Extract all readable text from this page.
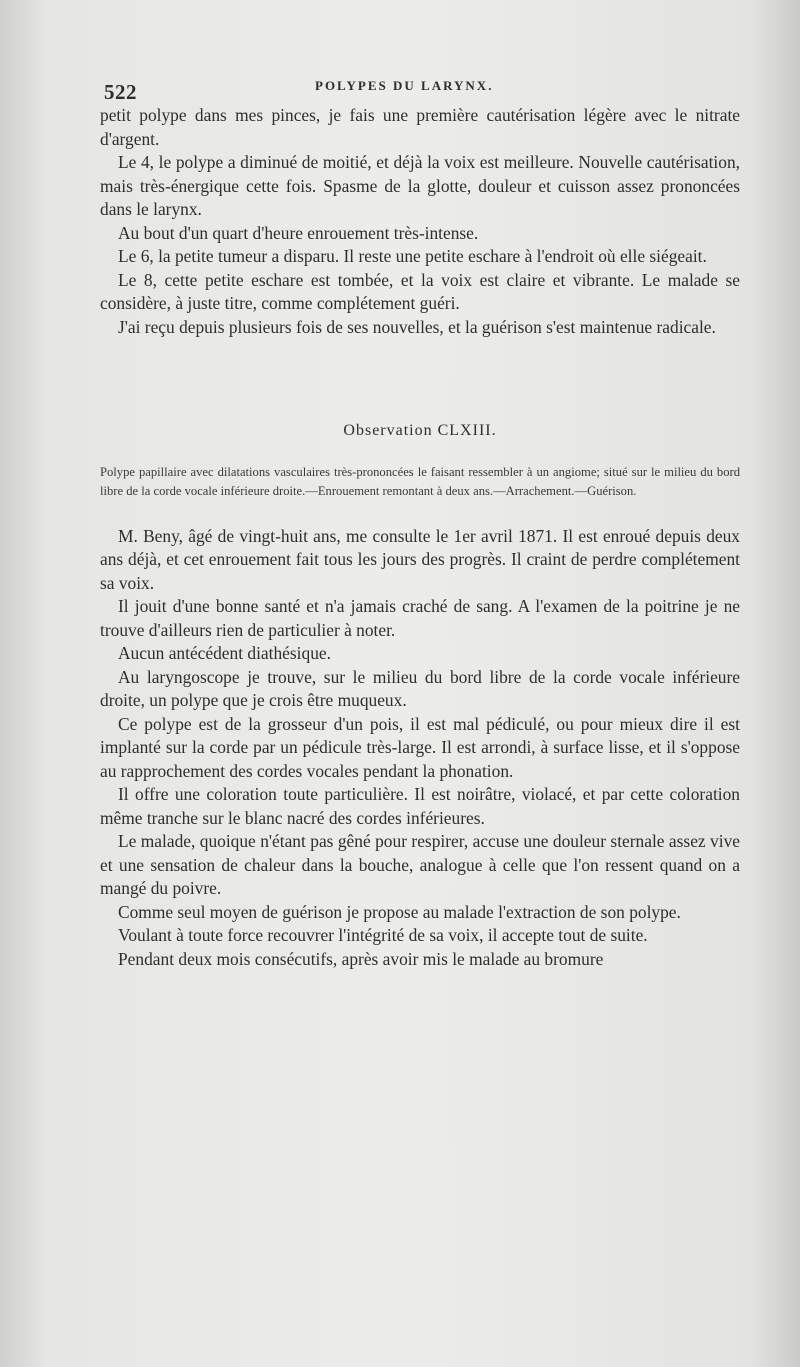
522	POLYPES DU LARYNX.

petit polype dans mes pinces, je fais une première cautérisation légère avec le nitrate d'argent.

Le 4, le polype a diminué de moitié, et déjà la voix est meilleure. Nouvelle cautérisation, mais très-énergique cette fois. Spasme de la glotte, douleur et cuisson assez prononcées dans le larynx.

Au bout d'un quart d'heure enrouement très-intense.

Le 6, la petite tumeur a disparu. Il reste une petite eschare à l'endroit où elle siégeait.

Le 8, cette petite eschare est tombée, et la voix est claire et vibrante. Le malade se considère, à juste titre, comme complétement guéri.

J'ai reçu depuis plusieurs fois de ses nouvelles, et la guérison s'est maintenue radicale.

Observation CLXIII.
Polype papillaire avec dilatations vasculaires très-prononcées le faisant ressembler à un angiome; situé sur le milieu du bord libre de la corde vocale inférieure droite.—Enrouement remontant à deux ans.—Arrachement.—Guérison.

M. Beny, âgé de vingt-huit ans, me consulte le 1er avril 1871. Il est enroué depuis deux ans déjà, et cet enrouement fait tous les jours des progrès. Il craint de perdre complétement sa voix.

Il jouit d'une bonne santé et n'a jamais craché de sang. A l'examen de la poitrine je ne trouve d'ailleurs rien de particulier à noter.

Aucun antécédent diathésique.

Au laryngoscope je trouve, sur le milieu du bord libre de la corde vocale inférieure droite, un polype que je crois être muqueux.

Ce polype est de la grosseur d'un pois, il est mal pédiculé, ou pour mieux dire il est implanté sur la corde par un pédicule très-large. Il est arrondi, à surface lisse, et il s'oppose au rapprochement des cordes vocales pendant la phonation.

Il offre une coloration toute particulière. Il est noirâtre, violacé, et par cette coloration même tranche sur le blanc nacré des cordes inférieures.

Le malade, quoique n'étant pas gêné pour respirer, accuse une douleur sternale assez vive et une sensation de chaleur dans la bouche, analogue à celle que l'on ressent quand on a mangé du poivre.

Comme seul moyen de guérison je propose au malade l'extraction de son polype.

Voulant à toute force recouvrer l'intégrité de sa voix, il accepte tout de suite.

Pendant deux mois consécutifs, après avoir mis le malade au bromure
